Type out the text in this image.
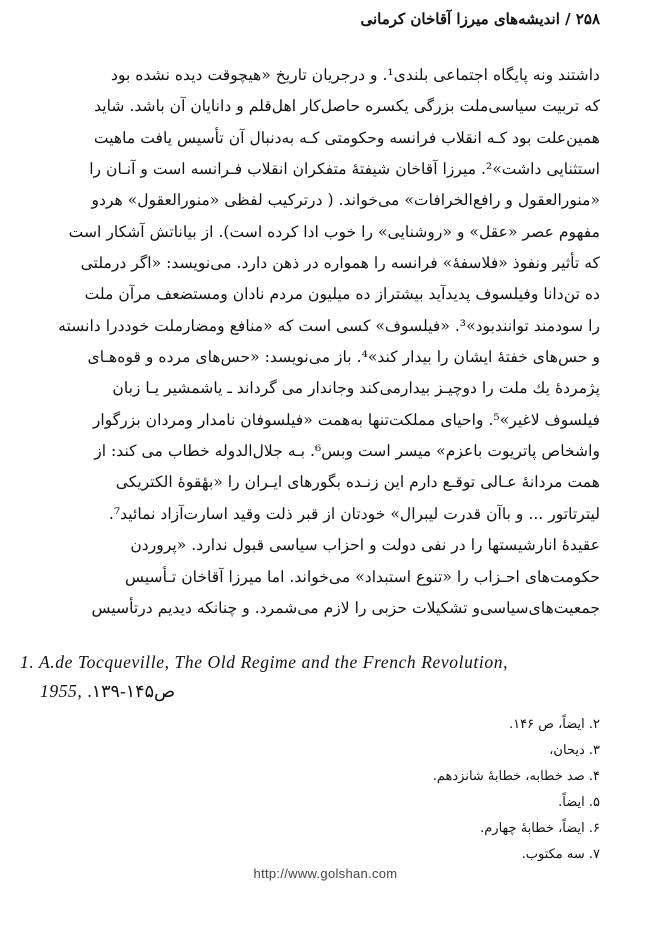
۲۵۸ / اندیشه‌های میرزا آقاخان کرمانی

داشتند ونه پایگاه اجتماعی بلندی¹. و درجریان تاریخ «هیچوقت دیده نشده بود

که تربیت سیاسی‌ملت بزرگی یکسره حاصل‌کار اهل‌قلم و دانایان آن باشد. شاید

همین‌علت بود کـه انقلاب فرانسه وحکومتی کـه به‌دنبال آن تأسیس یافت ماهیت

استثنایی داشت»². میرزا آقاخان شیفتهٔ متفکران انقلاب فـرانسه است و آنـان را

«منورالعقول و رافع‌الخرافات» می‌خواند. ( در‌ترکیب لفظی «منورالعقول» هردو

مفهوم عصر «عقل» و «روشنایی» را خوب ادا کرده است). از بیاناتش آشکار است

که تأثیر ونفوذ «فلاسفهٔ» فرانسه را همواره در ذهن دارد. می‌نویسد: «اگر درملتی

ده تن‌دانا وفیلسوف پدیدآید بیشتراز ده میلیون مردم نادان ومستضعف مرآن ملت

را سودمند توانندبود»³. «فیلسوف» کسی است که «منافع ومضارملت خوددرا دانسته

و حس‌های خفتهٔ ایشان را بیدار کند»⁴. باز می‌نویسد: «حس‌های مرده و قوه‌هـای

پژمردهٔ یك ملت را دوچیـز بیدارمی‌کند وجاندار می گرداند ـ یاشمشیر یـا زبان

فیلسوف لاغیر»⁵. واحیای مملکت‌تنها به‌همت «فیلسوفان نامدار ومردان بزرگوار

واشخاص پاتریوت باعزم» میسر است وبس⁶. بـه جلال‌الدوله خطاب می کند: از

همت مردانهٔ عـالی توقـع دارم این زنـده بگورهای ایـران را «بهٔقوهٔ الکتریکی

لیترتاتور ... و باآن قدرت لیبرال» خودتان از قبر ذلت وقید اسارت‌آزاد نمائید⁷.

عقیدهٔ انارشیستها را در نفی دولت و احزاب سیاسی قبول ندارد. «پروردن

حکومت‌های احـزاب را «تنوع استبداد» می‌خواند. اما میرزا آقاخان تـأسیس

جمعیت‌های‌سیاسی‌و تشکیلات حزبی را لازم می‌شمرد. و چنانکه دیدیم درتأسیس

1. A.de Tocqueville, The Old Regime and the French Revolution,
1955, ص۱۴۵-۱۳۹.
۲. ایضاً، ص ۱۴۶.
۳. دیحان،
۴. صد خطابه، خطابهٔ شانزدهم.
۵. ایضاً.
۶. ایضاً، خطابهٔ چهارم.
۷. سه مکتوب.
http://www.golshan.com
